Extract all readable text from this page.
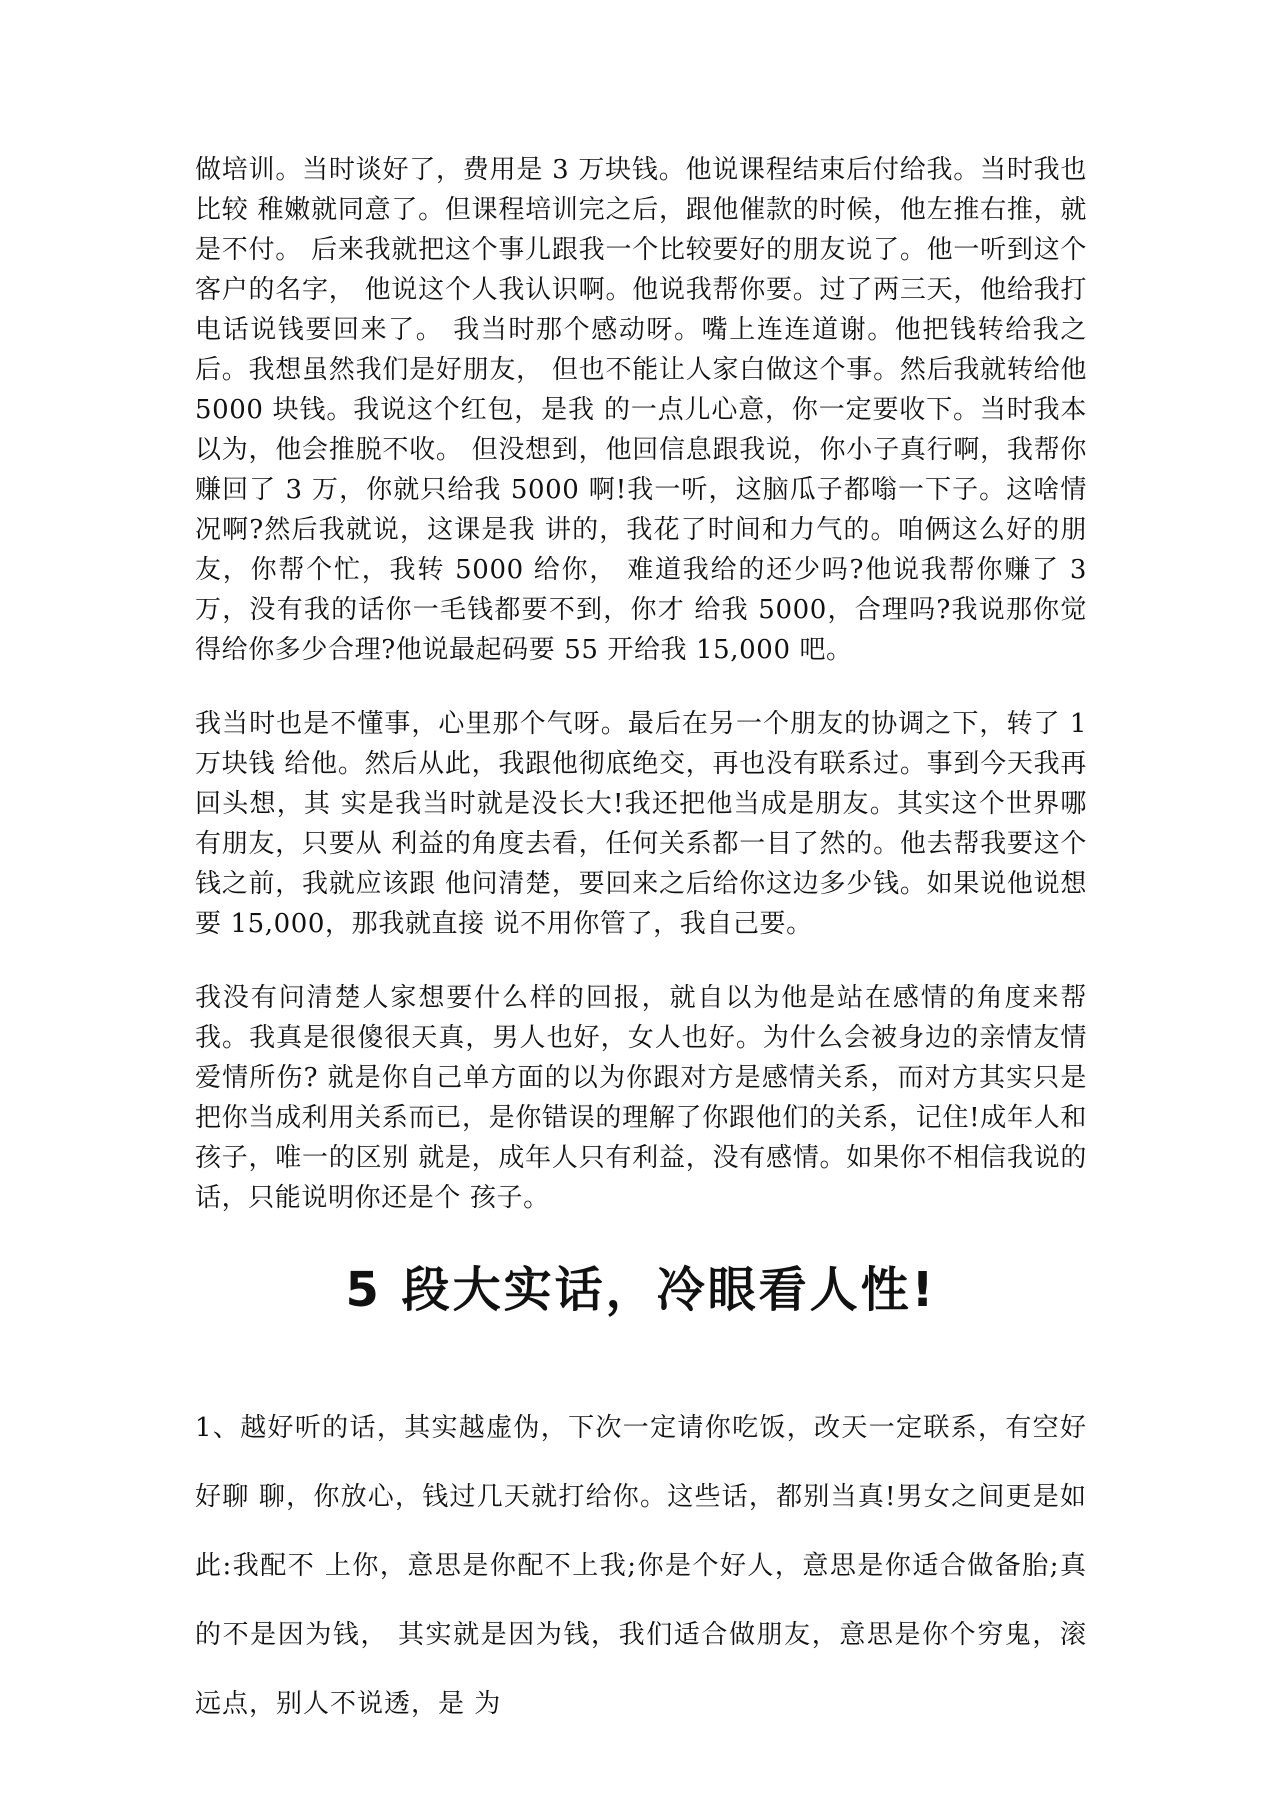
做培训。当时谈好了，费用是 3 万块钱。他说课程结束后付给我。当时我也比较 稚嫩就同意了。但课程培训完之后，跟他催款的时候，他左推右推，就是不付。 后来我就把这个事儿跟我一个比较要好的朋友说了。他一听到这个客户的名字， 他说这个人我认识啊。他说我帮你要。过了两三天，他给我打电话说钱要回来了。 我当时那个感动呀。嘴上连连道谢。他把钱转给我之后。我想虽然我们是好朋友， 但也不能让人家白做这个事。然后我就转给他 5000 块钱。我说这个红包，是我 的一点儿心意，你一定要收下。当时我本以为，他会推脱不收。 但没想到，他回信息跟我说，你小子真行啊，我帮你赚回了 3 万，你就只给我 5000 啊!我一听，这脑瓜子都嗡一下子。这啥情况啊?然后我就说，这课是我 讲的，我花了时间和力气的。咱俩这么好的朋友，你帮个忙，我转 5000 给你， 难道我给的还少吗?他说我帮你赚了 3 万，没有我的话你一毛钱都要不到，你才 给我 5000，合理吗?我说那你觉得给你多少合理?他说最起码要 55 开给我 15,000 吧。

我当时也是不懂事，心里那个气呀。最后在另一个朋友的协调之下，转了 1 万块钱 给他。然后从此，我跟他彻底绝交，再也没有联系过。事到今天我再回头想，其 实是我当时就是没长大!我还把他当成是朋友。其实这个世界哪有朋友，只要从 利益的角度去看，任何关系都一目了然的。他去帮我要这个钱之前，我就应该跟 他问清楚，要回来之后给你这边多少钱。如果说他说想要 15,000，那我就直接 说不用你管了，我自己要。

我没有问清楚人家想要什么样的回报，就自以为他是站在感情的角度来帮我。我真是很傻很天真，男人也好，女人也好。为什么会被身边的亲情友情爱情所伤? 就是你自己单方面的以为你跟对方是感情关系，而对方其实只是把你当成利用关系而已，是你错误的理解了你跟他们的关系，记住!成年人和孩子，唯一的区别 就是，成年人只有利益，没有感情。如果你不相信我说的话，只能说明你还是个 孩子。

5 段大实话，冷眼看人性!

1、越好听的话，其实越虚伪，下次一定请你吃饭，改天一定联系，有空好好聊 聊，你放心，钱过几天就打给你。这些话，都别当真!男女之间更是如此:我配不 上你，意思是你配不上我;你是个好人，意思是你适合做备胎;真的不是因为钱， 其实就是因为钱，我们适合做朋友，意思是你个穷鬼，滚远点，别人不说透，是 为
